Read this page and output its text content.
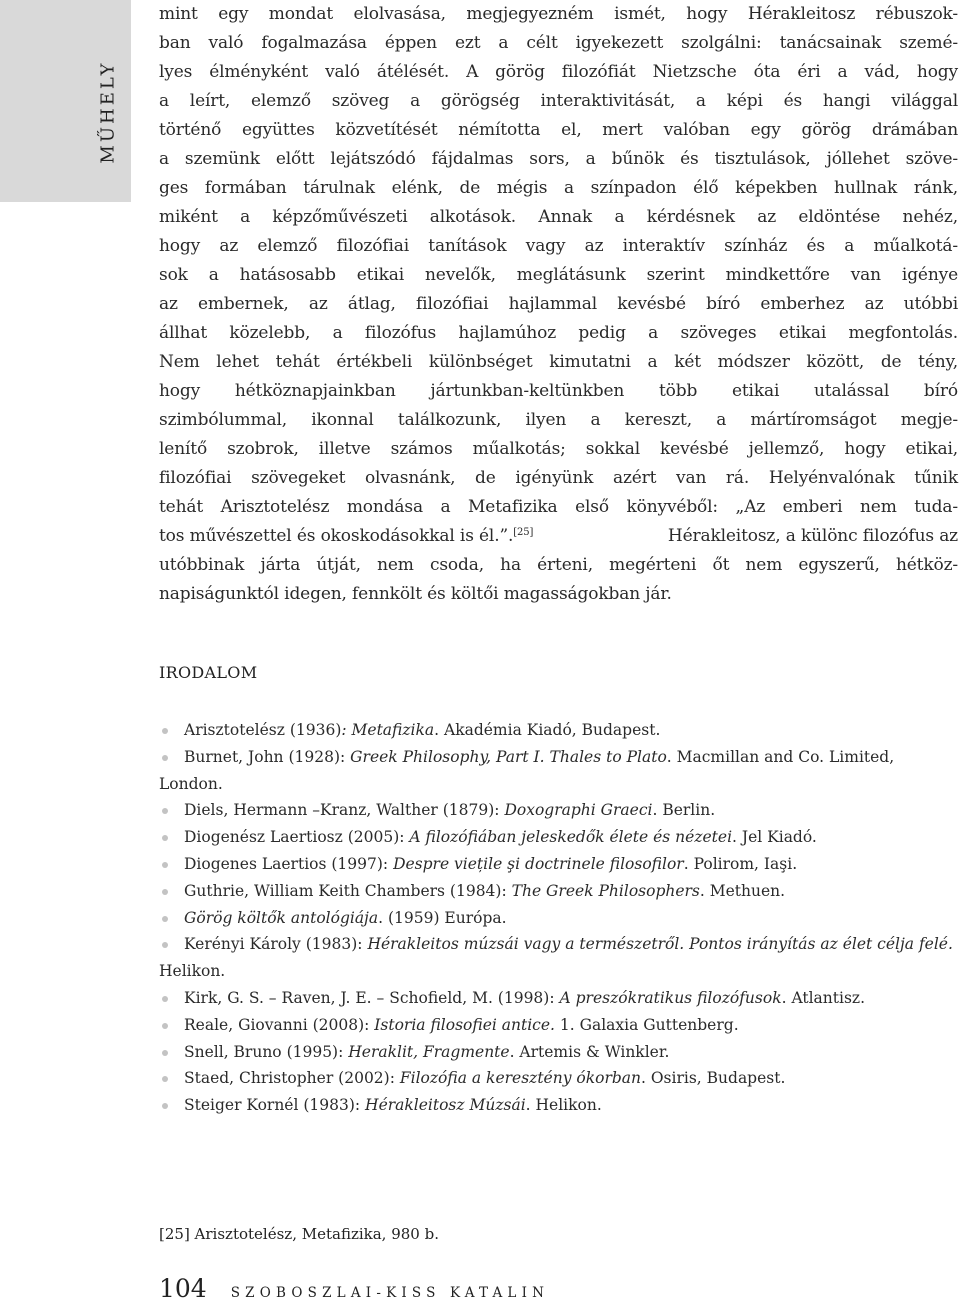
MŰHELY
mint egy mondat elolvasása, megjegyezném ismét, hogy Hérakleitosz rébuszok-
ban való fogalmazása éppen ezt a célt igyekezett szolgálni: tanácsainak szemé-
lyes élményként való átélését. A görög filozófiát Nietzsche óta éri a vád, hogy
a leírt, elemző szöveg a görögség interaktivitását, a képi és hangi világgal
történő együttes közvetítését némította el, mert valóban egy görög drámában
a szemünk előtt lejátszódó fájdalmas sors, a bűnök és tisztulások, jóllehet szöve-
ges formában tárulnak elénk, de mégis a színpadon élő képekben hullnak ránk,
miként a képzőművészeti alkotások. Annak a kérdésnek az eldöntése nehéz,
hogy az elemző filozófiai tanítások vagy az interaktív színház és a műalkotá-
sok a hatásosabb etikai nevelők, meglátásunk szerint mindkettőre van igénye
az embernek, az átlag, filozófiai hajlammal kevésbé bíró emberhez az utóbbi
állhat közelebb, a filozófus hajlamúhoz pedig a szöveges etikai megfontolás.
Nem lehet tehát értékbeli különbséget kimutatni a két módszer között, de tény,
hogy hétköznapjainkban jártunkban-keltünkben több etikai utalással bíró
szimbólummal, ikonnal találkozunk, ilyen a kereszt, a mártíromságot megje-
lenítő szobrok, illetve számos műalkotás; sokkal kevésbé jellemző, hogy etikai,
filozófiai szövegeket olvasnánk, de igényünk azért van rá. Helyénvalónak tűnik
tehát Arisztotelész mondása a Metafizika első könyvéből: „Az emberi nem tuda-
tos művészettel és okoskodásokkal is él.”.[25]	Hérakleitosz, a különc filozófus az
utóbbinak járta útját, nem csoda, ha érteni, megérteni őt nem egyszerű, hétköz-
napiságunktól idegen, fennkölt és költői magasságokban jár.
IRODALOM
Arisztotelész (1936): Metafizika. Akadémia Kiadó, Budapest.
Burnet, John (1928): Greek Philosophy, Part I. Thales to Plato. Macmillan and Co. Limited, London.
Diels, Hermann –Kranz, Walther (1879): Doxographi Graeci. Berlin.
Diogenész Laertiosz (2005): A filozófiában jeleskedők élete és nézetei. Jel Kiadó.
Diogenes Laertios (1997): Despre viețile şi doctrinele filosofilor. Polirom, Iaşi.
Guthrie, William Keith Chambers (1984): The Greek Philosophers. Methuen.
Görög költők antológiája. (1959) Európa.
Kerényi Károly (1983): Hérakleitos múzsái vagy a természetről. Pontos irányítás az élet célja felé. Helikon.
Kirk, G. S. – Raven, J. E. – Schofield, M. (1998): A preszókratikus filozófusok. Atlantisz.
Reale, Giovanni (2008): Istoria filosofiei antice. 1. Galaxia Guttenberg.
Snell, Bruno (1995): Heraklit, Fragmente. Artemis & Winkler.
Staed, Christopher (2002): Filozófia a keresztény ókorban. Osiris, Budapest.
Steiger Kornél (1983): Hérakleitosz Múzsái. Helikon.
[25] Arisztotelész, Metafizika, 980 b.
104 SZOBOSZLAI-KISS KATALIN
